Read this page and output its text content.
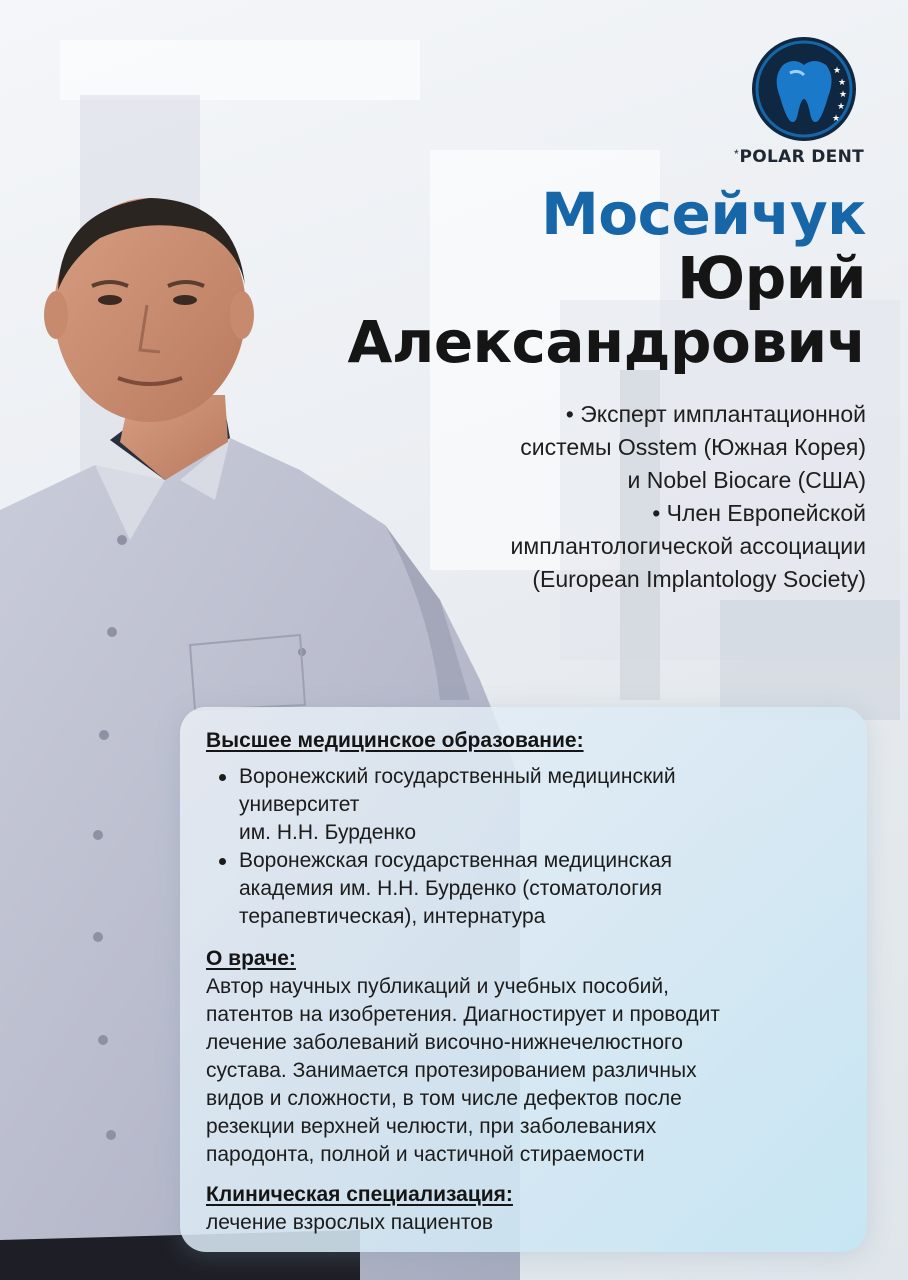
★
★
★
★
★
* POLAR DENT
Мосейчук
Юрий
Александрович
• Эксперт имплантационной
системы Osstem (Южная Корея)
и Nobel Biocare (США)
• Член Европейской
имплантологической ассоциации
(European Implantology Society)
Высшее медицинское образование:
Воронежский государственный медицинский
университет
им. Н.Н. Бурденко
Воронежская государственная медицинская
академия им. Н.Н. Бурденко (стоматология
терапевтическая), интернатура
О враче:
Автор научных публикаций и учебных пособий,
патентов на изобретения. Диагностирует и проводит
лечение заболеваний височно-нижнечелюстного
сустава. Занимается протезированием различных
видов и сложности, в том числе дефектов после
резекции верхней челюсти, при заболеваниях
пародонта, полной и частичной стираемости
Клиническая специализация:
лечение взрослых пациентов
